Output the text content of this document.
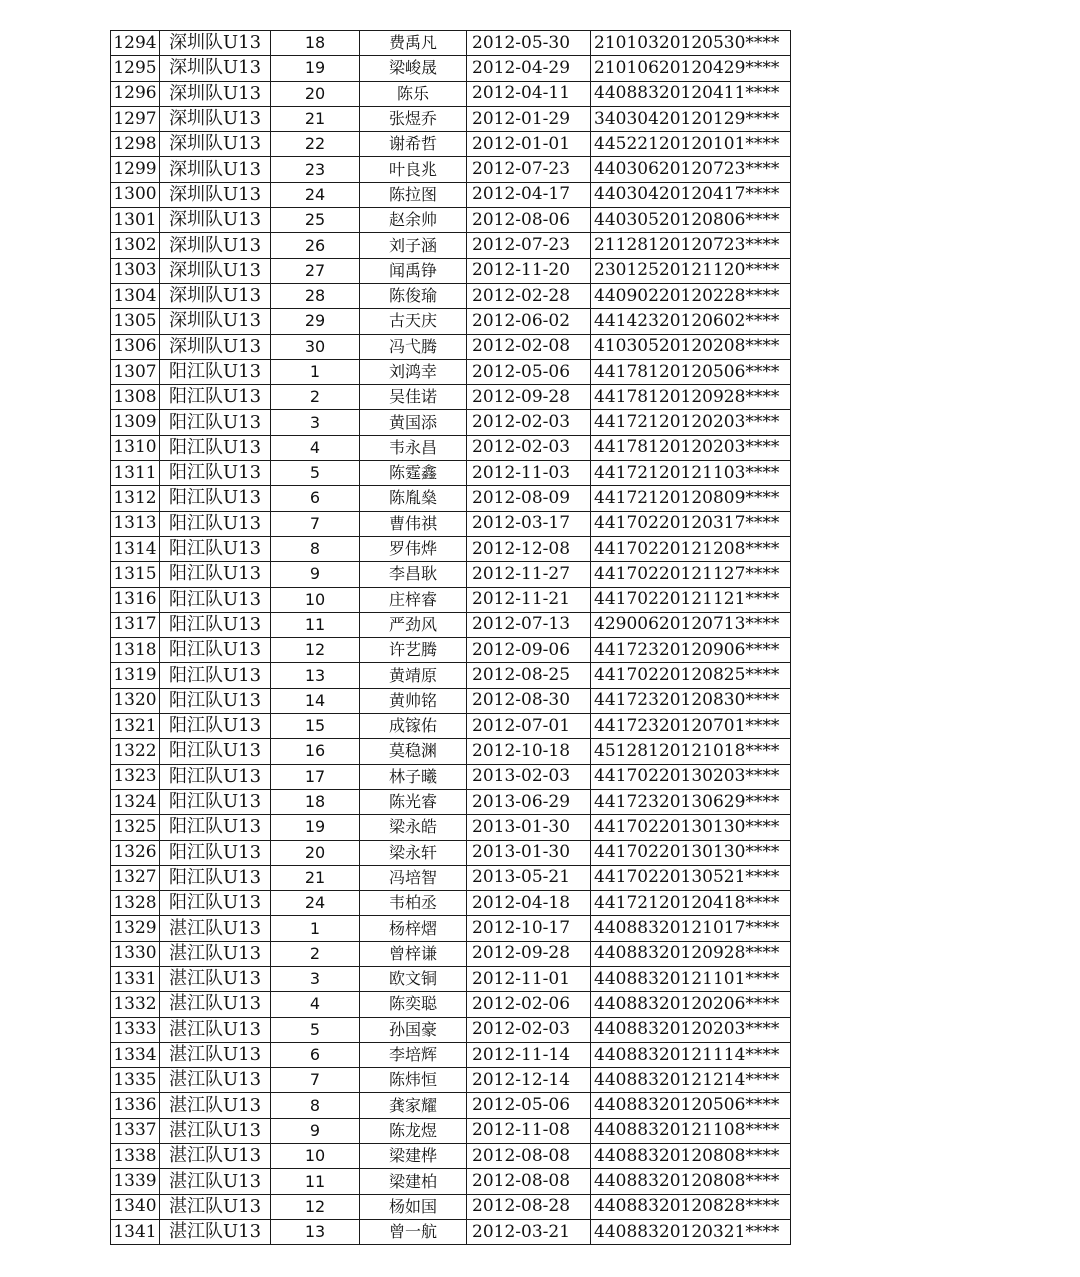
1294	深圳队U13	18	费禹凡	2012-05-30	21010320120530****
1295	深圳队U13	19	梁峻晟	2012-04-29	21010620120429****
1296	深圳队U13	20	陈乐	2012-04-11	44088320120411****
1297	深圳队U13	21	张煜乔	2012-01-29	34030420120129****
1298	深圳队U13	22	谢希哲	2012-01-01	44522120120101****
1299	深圳队U13	23	叶良兆	2012-07-23	44030620120723****
1300	深圳队U13	24	陈拉图	2012-04-17	44030420120417****
1301	深圳队U13	25	赵余帅	2012-08-06	44030520120806****
1302	深圳队U13	26	刘子涵	2012-07-23	21128120120723****
1303	深圳队U13	27	闻禹铮	2012-11-20	23012520121120****
1304	深圳队U13	28	陈俊瑜	2012-02-28	44090220120228****
1305	深圳队U13	29	古天庆	2012-06-02	44142320120602****
1306	深圳队U13	30	冯弋腾	2012-02-08	41030520120208****
1307	阳江队U13	1	刘鸿幸	2012-05-06	44178120120506****
1308	阳江队U13	2	吴佳诺	2012-09-28	44178120120928****
1309	阳江队U13	3	黄国添	2012-02-03	44172120120203****
1310	阳江队U13	4	韦永昌	2012-02-03	44178120120203****
1311	阳江队U13	5	陈霆鑫	2012-11-03	44172120121103****
1312	阳江队U13	6	陈胤燊	2012-08-09	44172120120809****
1313	阳江队U13	7	曹伟祺	2012-03-17	44170220120317****
1314	阳江队U13	8	罗伟烨	2012-12-08	44170220121208****
1315	阳江队U13	9	李昌耿	2012-11-27	44170220121127****
1316	阳江队U13	10	庄梓睿	2012-11-21	44170220121121****
1317	阳江队U13	11	严劲风	2012-07-13	42900620120713****
1318	阳江队U13	12	许艺腾	2012-09-06	44172320120906****
1319	阳江队U13	13	黄靖原	2012-08-25	44170220120825****
1320	阳江队U13	14	黄帅铭	2012-08-30	44172320120830****
1321	阳江队U13	15	成镓佑	2012-07-01	44172320120701****
1322	阳江队U13	16	莫稳渊	2012-10-18	45128120121018****
1323	阳江队U13	17	林子曦	2013-02-03	44170220130203****
1324	阳江队U13	18	陈光睿	2013-06-29	44172320130629****
1325	阳江队U13	19	梁永皓	2013-01-30	44170220130130****
1326	阳江队U13	20	梁永轩	2013-01-30	44170220130130****
1327	阳江队U13	21	冯培智	2013-05-21	44170220130521****
1328	阳江队U13	24	韦柏丞	2012-04-18	44172120120418****
1329	湛江队U13	1	杨梓熠	2012-10-17	44088320121017****
1330	湛江队U13	2	曾梓谦	2012-09-28	44088320120928****
1331	湛江队U13	3	欧文铜	2012-11-01	44088320121101****
1332	湛江队U13	4	陈奕聪	2012-02-06	44088320120206****
1333	湛江队U13	5	孙国豪	2012-02-03	44088320120203****
1334	湛江队U13	6	李培辉	2012-11-14	44088320121114****
1335	湛江队U13	7	陈炜恒	2012-12-14	44088320121214****
1336	湛江队U13	8	龚家耀	2012-05-06	44088320120506****
1337	湛江队U13	9	陈龙煜	2012-11-08	44088320121108****
1338	湛江队U13	10	梁建桦	2012-08-08	44088320120808****
1339	湛江队U13	11	梁建柏	2012-08-08	44088320120808****
1340	湛江队U13	12	杨如国	2012-08-28	44088320120828****
1341	湛江队U13	13	曾一航	2012-03-21	44088320120321****
